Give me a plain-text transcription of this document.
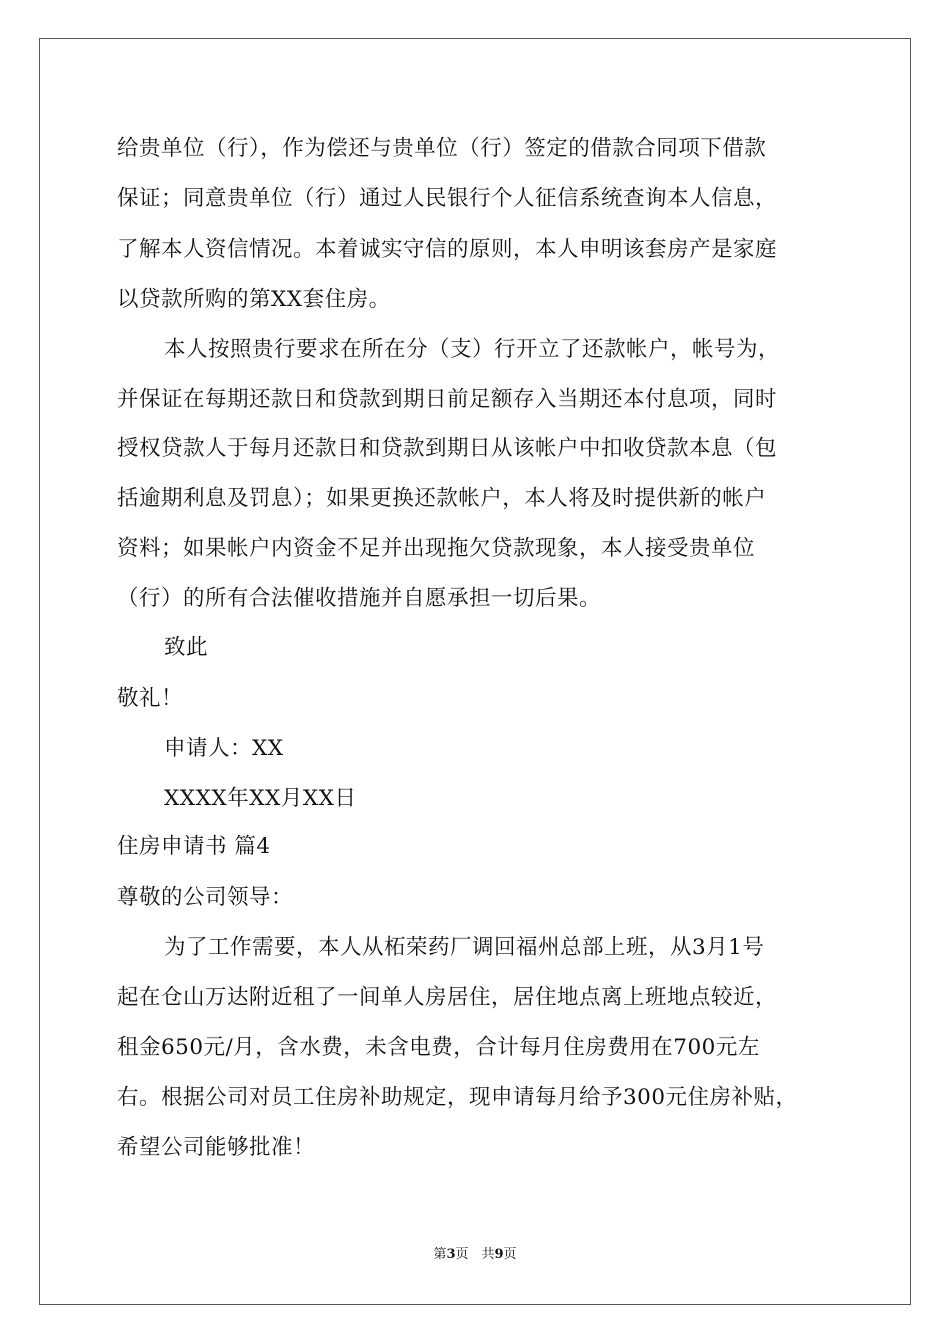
给贵单位（行），作为偿还与贵单位（行）签定的借款合同项下借款
保证；同意贵单位（行）通过人民银行个人征信系统查询本人信息，
了解本人资信情况。本着诚实守信的原则，本人申明该套房产是家庭
以贷款所购的第XX套住房。
本人按照贵行要求在所在分（支）行开立了还款帐户，帐号为，
并保证在每期还款日和贷款到期日前足额存入当期还本付息项，同时
授权贷款人于每月还款日和贷款到期日从该帐户中扣收贷款本息（包
括逾期利息及罚息）；如果更换还款帐户，本人将及时提供新的帐户
资料；如果帐户内资金不足并出现拖欠贷款现象，本人接受贵单位
（行）的所有合法催收措施并自愿承担一切后果。
致此
敬礼！
申请人：XX
XXXX年XX月XX日
住房申请书 篇4
尊敬的公司领导：
为了工作需要，本人从柘荣药厂调回福州总部上班，从3月1号
起在仓山万达附近租了一间单人房居住，居住地点离上班地点较近，
租金650元/月，含水费，未含电费，合计每月住房费用在700元左
右。根据公司对员工住房补助规定，现申请每月给予300元住房补贴，
希望公司能够批准！
第3页　共9页
